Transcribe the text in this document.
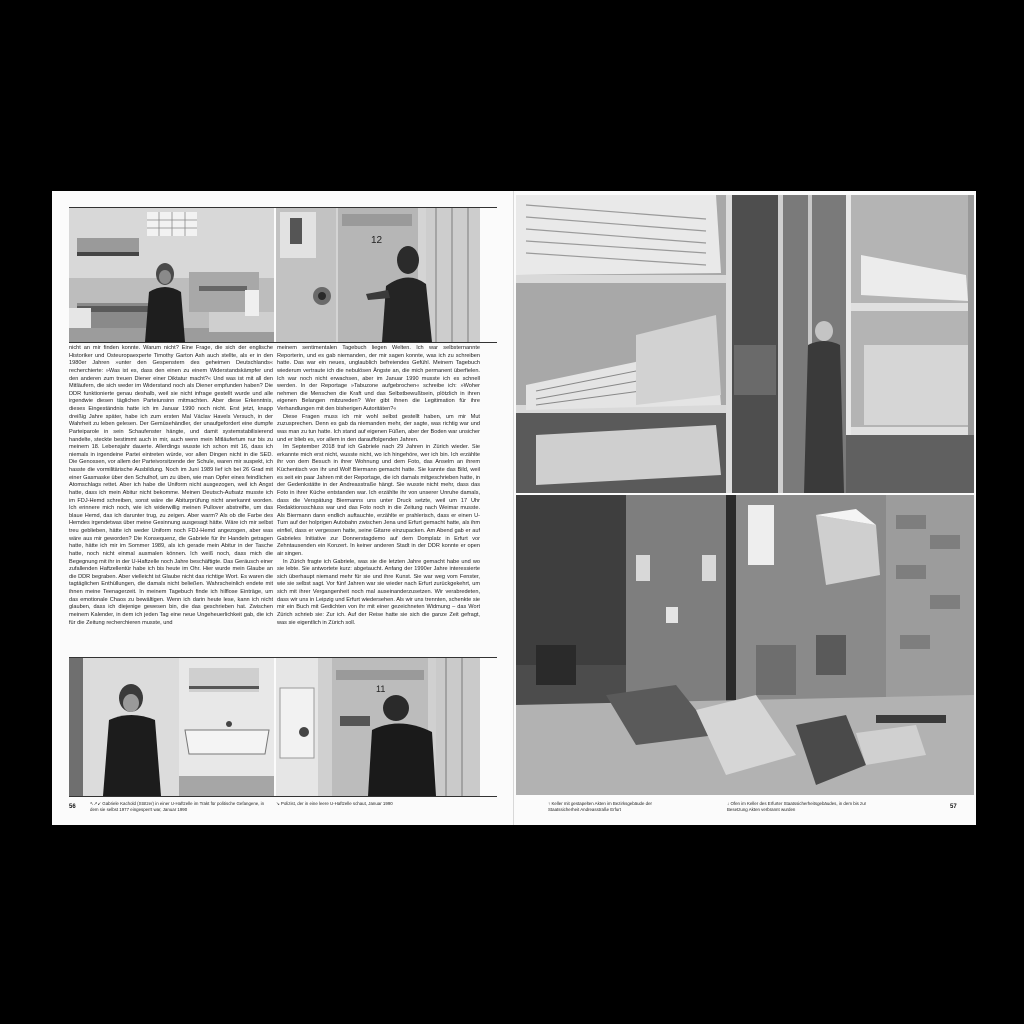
12

nicht an mir finden konnte. Warum nicht? Eine Frage, die sich der englische Historiker und Osteuropaexperte Timothy Garton Ash auch stellte, als er in den 1980er Jahren »unter den Gespenstern des geheimen Deutschlands« recherchierte: »Was ist es, dass den einen zu einem Widerstandskämpfer und den anderen zum treuen Diener einer Diktatur macht?« Und was ist mit all den Mitläufern, die sich weder im Widerstand noch als Diener empfunden haben? Die DDR funktionierte genau deshalb, weil sie nicht infrage gestellt wurde und alle irgendwie diesen täglichen Parteiunsinn mitmachten. Aber diese Erkenntnis, dieses Eingeständnis hatte ich im Januar 1990 noch nicht. Erst jetzt, knapp dreißig Jahre später, habe ich zum ersten Mal Václav Havels Versuch, in der Wahrheit zu leben gelesen. Der Gemüsehändler, der unaufgefordert eine dumpfe Parteiparole in sein Schaufenster hängte, und damit systemstabilisierend handelte, steckte bestimmt auch in mir, auch wenn mein Mitläufertum nur bis zu meinem 18. Lebensjahr dauerte. Allerdings wusste ich schon mit 16, dass ich niemals in irgendeine Partei eintreten würde, vor allen Dingen nicht in die SED. Die Genossen, vor allem der Parteivorsitzende der Schule, waren mir suspekt, ich hasste die vormilitärische Ausbildung. Noch im Juni 1989 lief ich bei 26 Grad mit einer Gasmaske über den Schulhof, um zu üben, wie man Opfer eines feindlichen Atomschlags rettet. Aber ich habe die Uniform nicht ausgezogen, weil ich Angst hatte, dass ich mein Abitur nicht bekomme. Meinen Deutsch-Aufsatz musste ich im FDJ-Hemd schreiben, sonst wäre die Abiturprüfung nicht anerkannt worden. Ich erinnere mich noch, wie ich widerwillig meinen Pullover abstreifte, um das blaue Hemd, das ich darunter trug, zu zeigen. Aber warm? Als ob die Farbe des Hemdes irgendetwas über meine Gesinnung ausgesagt hätte. Wäre ich mir selbst treu geblieben, hätte ich weder Uniform noch FDJ-Hemd angezogen, aber was wäre aus mir geworden? Die Konsequenz, die Gabriele für ihr Handeln getragen hatte, hätte ich mir im Sommer 1989, als ich gerade mein Abitur in der Tasche hatte, noch nicht einmal ausmalen können. Ich weiß noch, dass mich die Begegnung mit ihr in der U-Haftzelle noch Jahre beschäftigte. Das Geräusch einer zufallenden Haftzellentür habe ich bis heute im Ohr. Hier wurde mein Glaube an die DDR begraben. Aber vielleicht ist Glaube nicht das richtige Wort. Es waren die tagtäglichen Enthüllungen, die damals nicht beließen. Wahrscheinlich endete mit ihnen meine Teenagerzeit. In meinem Tagebuch finde ich hilflose Einträge, um das emotionale Chaos zu bewältigen. Wenn ich darin heute lese, kann ich nicht glauben, dass ich diejenige gewesen bin, die das geschrieben hat. Zwischen meinem Kalender, in dem ich jeden Tag eine neue Ungeheuerlichkeit gab, die ich für die Zeitung recherchieren musste, und

meinem sentimentalen Tagebuch liegen Welten. Ich war selbsternannte Reporterin, und es gab niemanden, der mir sagen konnte, was ich zu schreiben hatte. Das war ein neues, unglaublich befreiendes Gefühl. Meinem Tagebuch wiederum vertraute ich die nebulösen Ängste an, die mich permanent überfielen. Ich war noch nicht erwachsen, aber im Januar 1990 musste ich es schnell werden. In der Reportage »Tabuzone aufgebrochen« schreibe ich: »Woher nehmen die Menschen die Kraft und das Selbstbewußtsein, plötzlich in ihren eigenen Belangen mitzureden? Wer gibt ihnen die Legitimation für ihre Verhandlungen mit den bisherigen Autoritäten?«

Diese Fragen muss ich mir wohl selbst gestellt haben, um mir Mut zuzusprechen. Denn es gab da niemanden mehr, der sagte, was richtig war und was man zu tun hatte. Ich stand auf eigenen Füßen, aber der Boden war unsicher und er blieb es, vor allem in den darauffolgenden Jahren.

Im September 2018 traf ich Gabriele nach 29 Jahren in Zürich wieder. Sie erkannte mich erst nicht, wusste nicht, wo ich hingehöre, wer ich bin. Ich erzählte ihr von dem Besuch in ihrer Wohnung und dem Foto, das Anselm an ihrem Küchentisch von ihr und Wolf Biermann gemacht hatte. Sie kannte das Bild, weil es seit ein paar Jahren mit der Reportage, die ich damals mitgeschrieben hatte, in der Gedenkstätte in der Andreasstraße hängt. Sie wusste nicht mehr, dass das Foto in ihrer Küche entstanden war. Ich erzählte ihr von unserer Unruhe damals, dass die Verspätung Biermanns uns unter Druck setzte, weil um 17 Uhr Redaktionsschluss war und das Foto noch in die Zeitung nach Weimar musste. Als Biermann dann endlich auftauchte, erzählte er prahlerisch, dass er einen U-Turn auf der holprigen Autobahn zwischen Jena und Erfurt gemacht hatte, als ihm einfiel, dass er vergessen hatte, seine Gitarre einzupacken. Am Abend gab er auf Gabrieles Initiative zur Donnerstagdemo auf dem Domplatz in Erfurt vor Zehntausenden ein Konzert. In keiner anderen Stadt in der DDR konnte er open air singen.

In Zürich fragte ich Gabriele, was sie die letzten Jahre gemacht habe und wo sie lebte. Sie antwortete kurz: abgetaucht. Anfang der 1990er Jahre interessierte sich überhaupt niemand mehr für sie und ihre Kunst. Sie war weg vom Fenster, wie sie selbst sagt. Vor fünf Jahren war sie wieder nach Erfurt zurückgekehrt, um sich mit ihrer Vergangenheit noch mal auseinanderzusetzen. Wir verabredeten, dass wir uns in Leipzig und Erfurt wiedersehen. Als wir uns trennten, schenkte sie mir ein Buch mit Gedichten von ihr mit einer gezeichneten Widmung – das Wort Zürich schrieb sie: Zur ich. Auf der Reise hatte sie sich die ganze Zeit gefragt, was sie eigentlich in Zürich soll.

11
56
↖↗↙ Gabriele Kachold (Stötzer) in einer U-Haftzelle im Trakt für politische Gefangene, in dem sie selbst 1977 eingesperrt war, Januar 1990
↘ Polizist, der in eine leere U-Haftzelle schaut, Januar 1990	↑ Keller mit gestapelten Akten im Bezirksgebäude der Staatssicherheit Andreasstraße Erfurt
↓ Ofen im Keller des Erfurter Staatssicherheitsgebäudes, in dem bis zur Besetzung Akten verbrannt wurden	57
